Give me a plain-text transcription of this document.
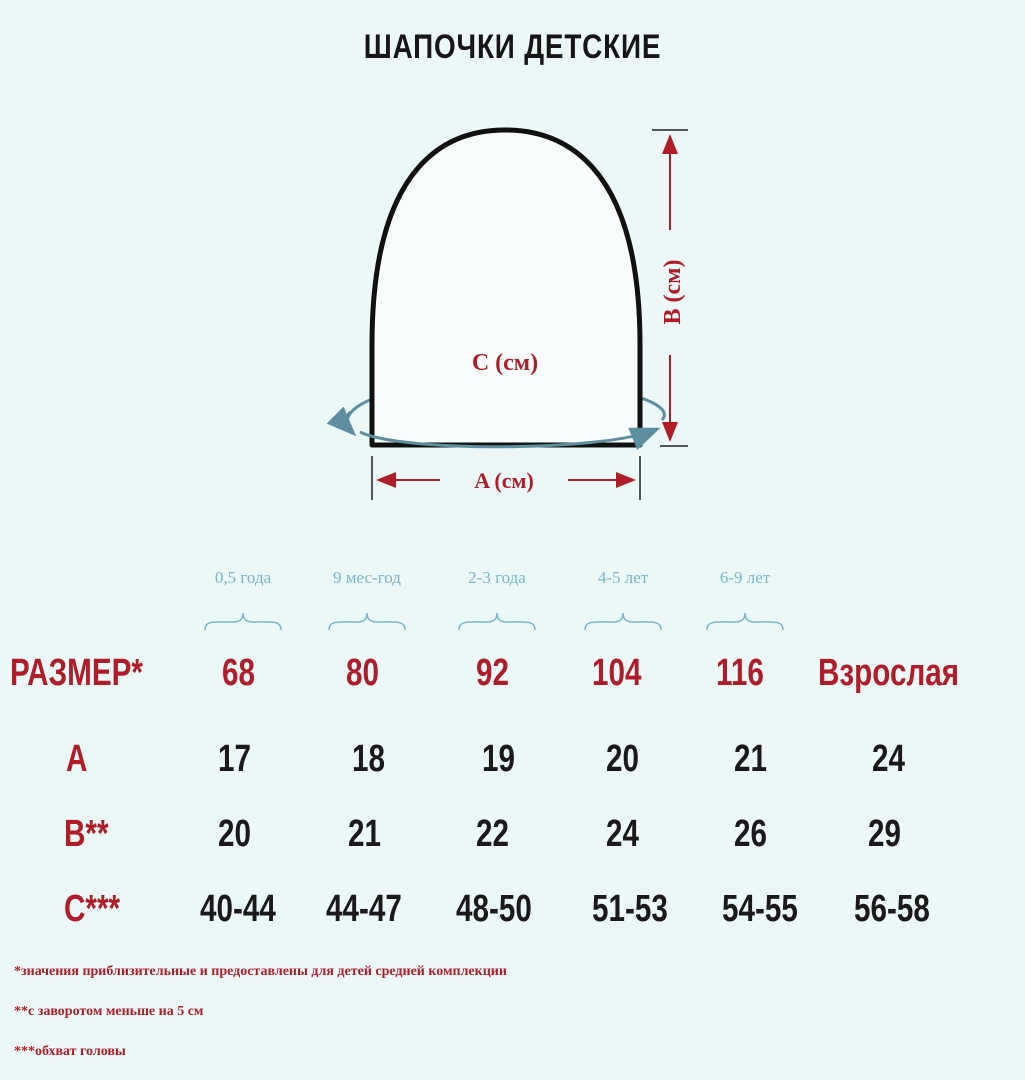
ШАПОЧКИ ДЕТСКИЕ
C (см)
B (см)
A (см)
0,5 года	9 мес-год	2-3 года	4-5 лет	6-9 лет
РАЗМЕР* 68 80	92 104 116 Взрослая
А	17	18	19 20	21	24
В**	20	21	22	24	26	29
С*** 40-44 44-47 48-50 51-53 54-55 56-58
*значения приблизительные и предоставлены для детей средней комплекции
**с заворотом меньше на 5 см
***обхват головы
